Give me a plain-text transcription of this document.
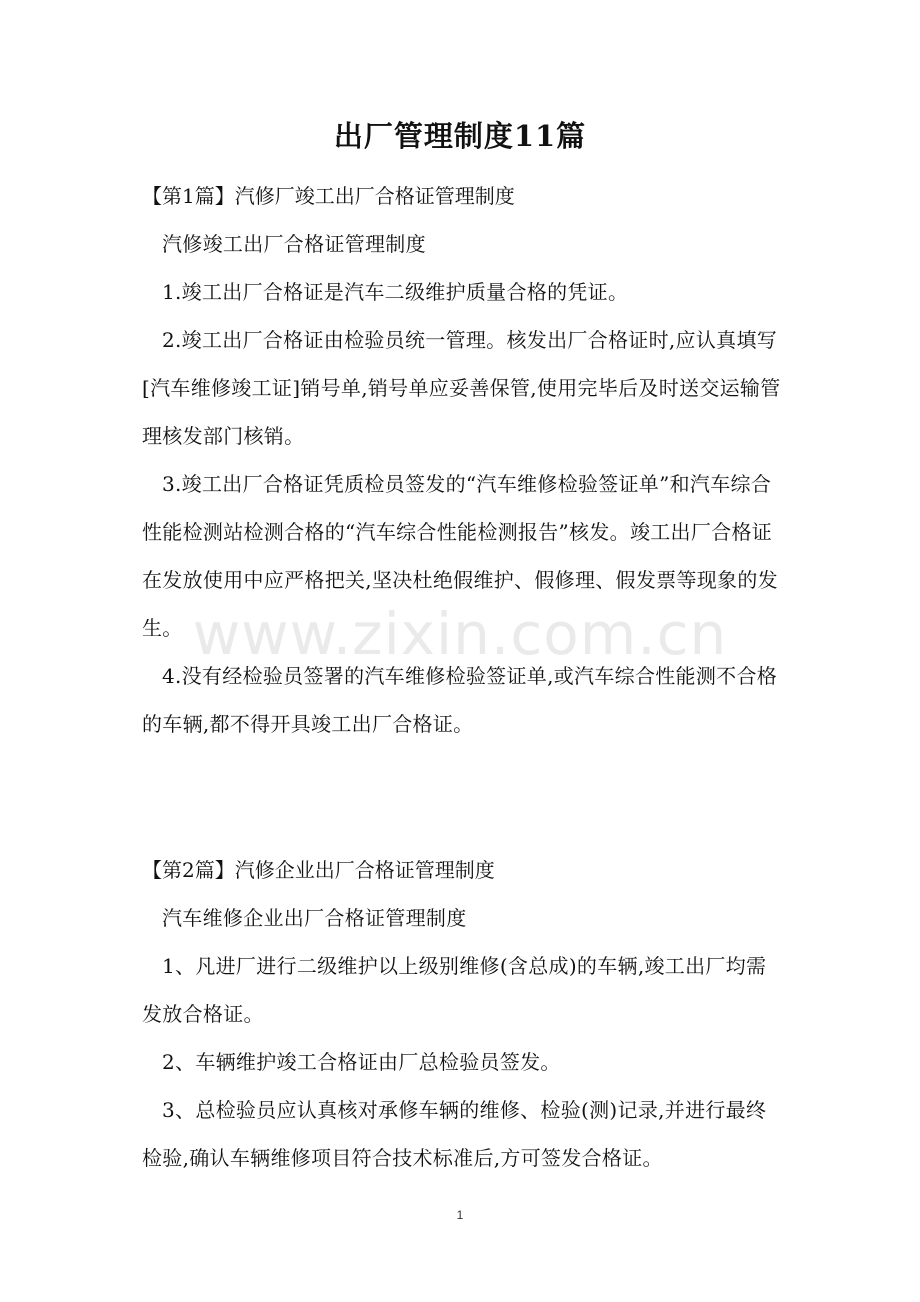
出厂管理制度11篇
【第1篇】汽修厂竣工出厂合格证管理制度

汽修竣工出厂合格证管理制度

1.竣工出厂合格证是汽车二级维护质量合格的凭证。

2.竣工出厂合格证由检验员统一管理。核发出厂合格证时,应认真填写[汽车维修竣工证]销号单,销号单应妥善保管,使用完毕后及时送交运输管理核发部门核销。

3.竣工出厂合格证凭质检员签发的“汽车维修检验签证单”和汽车综合性能检测站检测合格的“汽车综合性能检测报告”核发。竣工出厂合格证在发放使用中应严格把关,坚决杜绝假维护、假修理、假发票等现象的发生。

4.没有经检验员签署的汽车维修检验签证单,或汽车综合性能测不合格的车辆,都不得开具竣工出厂合格证。

【第2篇】汽修企业出厂合格证管理制度

汽车维修企业出厂合格证管理制度

1、凡进厂进行二级维护以上级别维修(含总成)的车辆,竣工出厂均需发放合格证。

2、车辆维护竣工合格证由厂总检验员签发。

3、总检验员应认真核对承修车辆的维修、检验(测)记录,并进行最终检验,确认车辆维修项目符合技术标准后,方可签发合格证。

www.zixin.com.cn
1
